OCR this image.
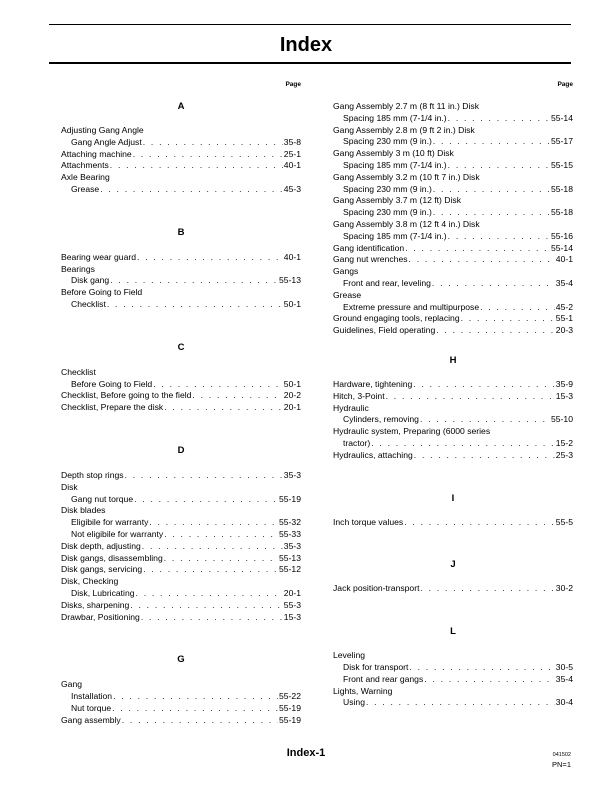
Index
Page
A
Adjusting Gang Angle
Gang Angle Adjust . . .	35-8
Attaching machine . . .	25-1
Attachments . . .	40-1
Axle Bearing
Grease . . .	45-3
B
Bearing wear guard . . .	40-1
Bearings
Disk gang . . .	55-13
Before Going to Field
Checklist . . .	50-1
C
Checklist
Before Going to Field . . .	50-1
Checklist, Before going to the field . . .	20-2
Checklist, Prepare the disk . . .	20-1
D
Depth stop rings . . .	35-3
Disk
Gang nut torque . . .	55-19
Disk blades
Eligibile for warranty . . .	55-32
Not eligibile for warranty . . .	55-33
Disk depth, adjusting . . .	35-3
Disk gangs, disassembling . . .	55-13
Disk gangs, servicing . . .	55-12
Disk, Checking
Disk, Lubricating . . .	20-1
Disks, sharpening . . .	55-3
Drawbar, Positioning . . .	15-3
G
Gang
Installation . . .	55-22
Nut torque . . .	55-19
Gang assembly . . .	55-19
Page
Gang Assembly 2.7 m (8 ft 11 in.) Disk
Spacing 185 mm (7-1/4 in.) . . .	55-14
Gang Assembly 2.8 m (9 ft 2 in.) Disk
Spacing 230 mm (9 in.) . . .	55-17
Gang Assembly 3 m (10 ft) Disk
Spacing 185 mm (7-1/4 in.) . . .	55-15
Gang Assembly 3.2 m (10 ft 7 in.) Disk
Spacing 230 mm (9 in.) . . .	55-18
Gang Assembly 3.7 m (12 ft) Disk
Spacing 230 mm (9 in.) . . .	55-18
Gang Assembly 3.8 m (12 ft 4 in.) Disk
Spacing 185 mm (7-1/4 in.) . . .	55-16
Gang identification . . .	55-14
Gang nut wrenches . . .	40-1
Gangs
Front and rear, leveling . . .	35-4
Grease
Extreme pressure and multipurpose . . .	45-2
Ground engaging tools, replacing . . .	55-1
Guidelines, Field operating . . .	20-3
H
Hardware, tightening . . .	35-9
Hitch, 3-Point . . .	15-3
Hydraulic
Cylinders, removing . . .	55-10
Hydraulic system, Preparing (6000 series
tractor) . . .	15-2
Hydraulics, attaching . . .	25-3
I
Inch torque values . . .	55-5
J
Jack position-transport . . .	30-2
L
Leveling
Disk for transport . . .	30-5
Front and rear gangs . . .	35-4
Lights, Warning
Using . . .	30-4
Index-1	041502
PN=1
